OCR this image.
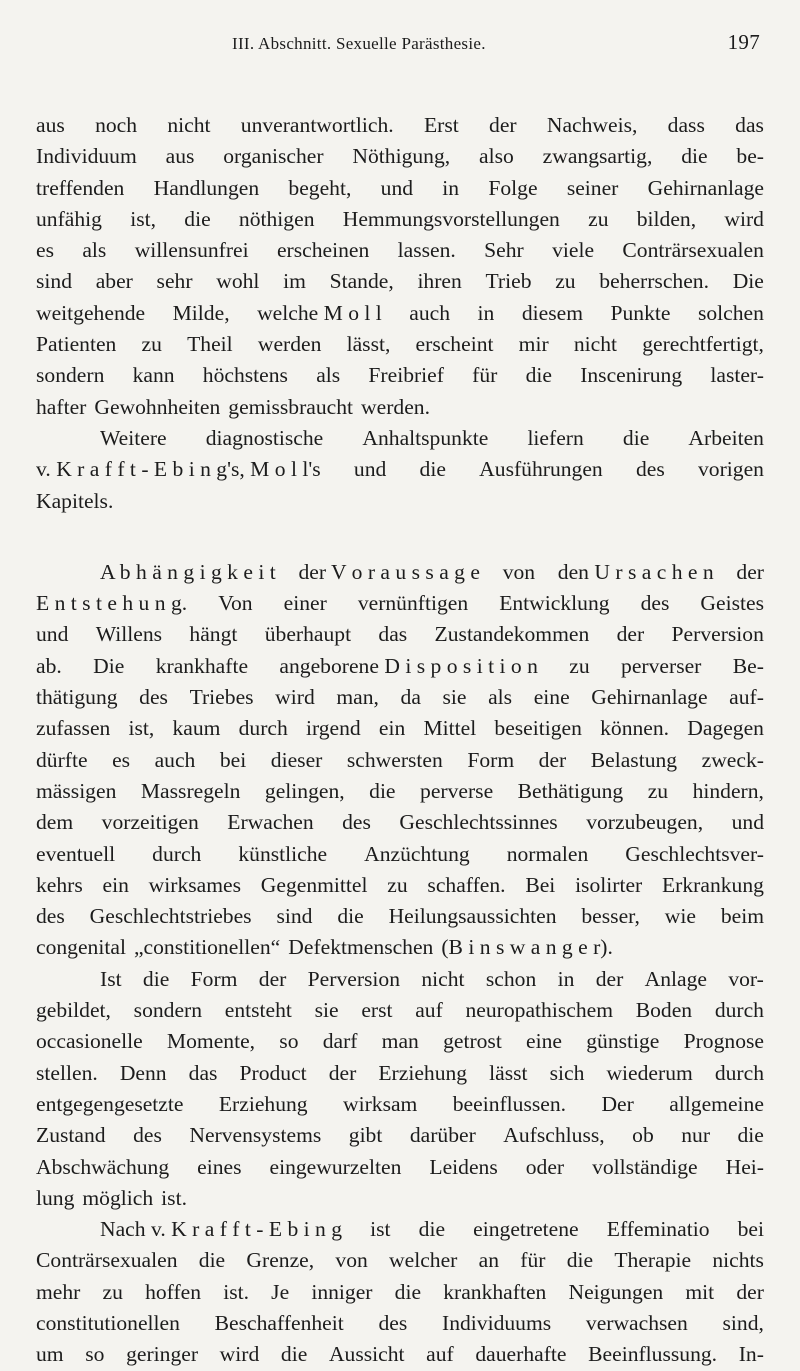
III. Abschnitt. Sexuelle Parästhesie.	197
aus noch nicht unverantwortlich. Erst der Nachweis, dass das
Individuum aus organischer Nöthigung, also zwangsartig, die be-
treffenden Handlungen begeht, und in Folge seiner Gehirnanlage
unfähig ist, die nöthigen Hemmungsvorstellungen zu bilden, wird
es als willensunfrei erscheinen lassen. Sehr viele Conträrsexualen
sind aber sehr wohl im Stande, ihren Trieb zu beherrschen. Die
weitgehende Milde, welche M o l l auch in diesem Punkte solchen
Patienten zu Theil werden lässt, erscheint mir nicht gerechtfertigt,
sondern kann höchstens als Freibrief für die Inscenirung laster-
hafter Gewohnheiten gemissbraucht werden.
Weitere diagnostische Anhaltspunkte liefern die Arbeiten
v. K r a f f t - E b i n g's, M o l l's und die Ausführungen des vorigen
Kapitels.
A b h ä n g i g k e i t der V o r a u s s a g e von den U r s a c h e n der
E n t s t e h u n g. Von einer vernünftigen Entwicklung des Geistes
und Willens hängt überhaupt das Zustandekommen der Perversion
ab. Die krankhafte angeborene D i s p o s i t i o n zu perverser Be-
thätigung des Triebes wird man, da sie als eine Gehirnanlage auf-
zufassen ist, kaum durch irgend ein Mittel beseitigen können. Dagegen
dürfte es auch bei dieser schwersten Form der Belastung zweck-
mässigen Massregeln gelingen, die perverse Bethätigung zu hindern,
dem vorzeitigen Erwachen des Geschlechtssinnes vorzubeugen, und
eventuell durch künstliche Anzüchtung normalen Geschlechtsver-
kehrs ein wirksames Gegenmittel zu schaffen. Bei isolirter Erkrankung
des Geschlechtstriebes sind die Heilungsaussichten besser, wie beim
congenital „constitionellen“ Defektmenschen (B i n s w a n g e r).
Ist die Form der Perversion nicht schon in der Anlage vor-
gebildet, sondern entsteht sie erst auf neuropathischem Boden durch
occasionelle Momente, so darf man getrost eine günstige Prognose
stellen. Denn das Product der Erziehung lässt sich wiederum durch
entgegengesetzte Erziehung wirksam beeinflussen. Der allgemeine
Zustand des Nervensystems gibt darüber Aufschluss, ob nur die
Abschwächung eines eingewurzelten Leidens oder vollständige Hei-
lung möglich ist.
Nach v. K r a f f t - E b i n g ist die eingetretene Effeminatio bei
Conträrsexualen die Grenze, von welcher an für die Therapie nichts
mehr zu hoffen ist. Je inniger die krankhaften Neigungen mit der
constitutionellen Beschaffenheit des Individuums verwachsen sind,
um so geringer wird die Aussicht auf dauerhafte Beeinflussung. In-
